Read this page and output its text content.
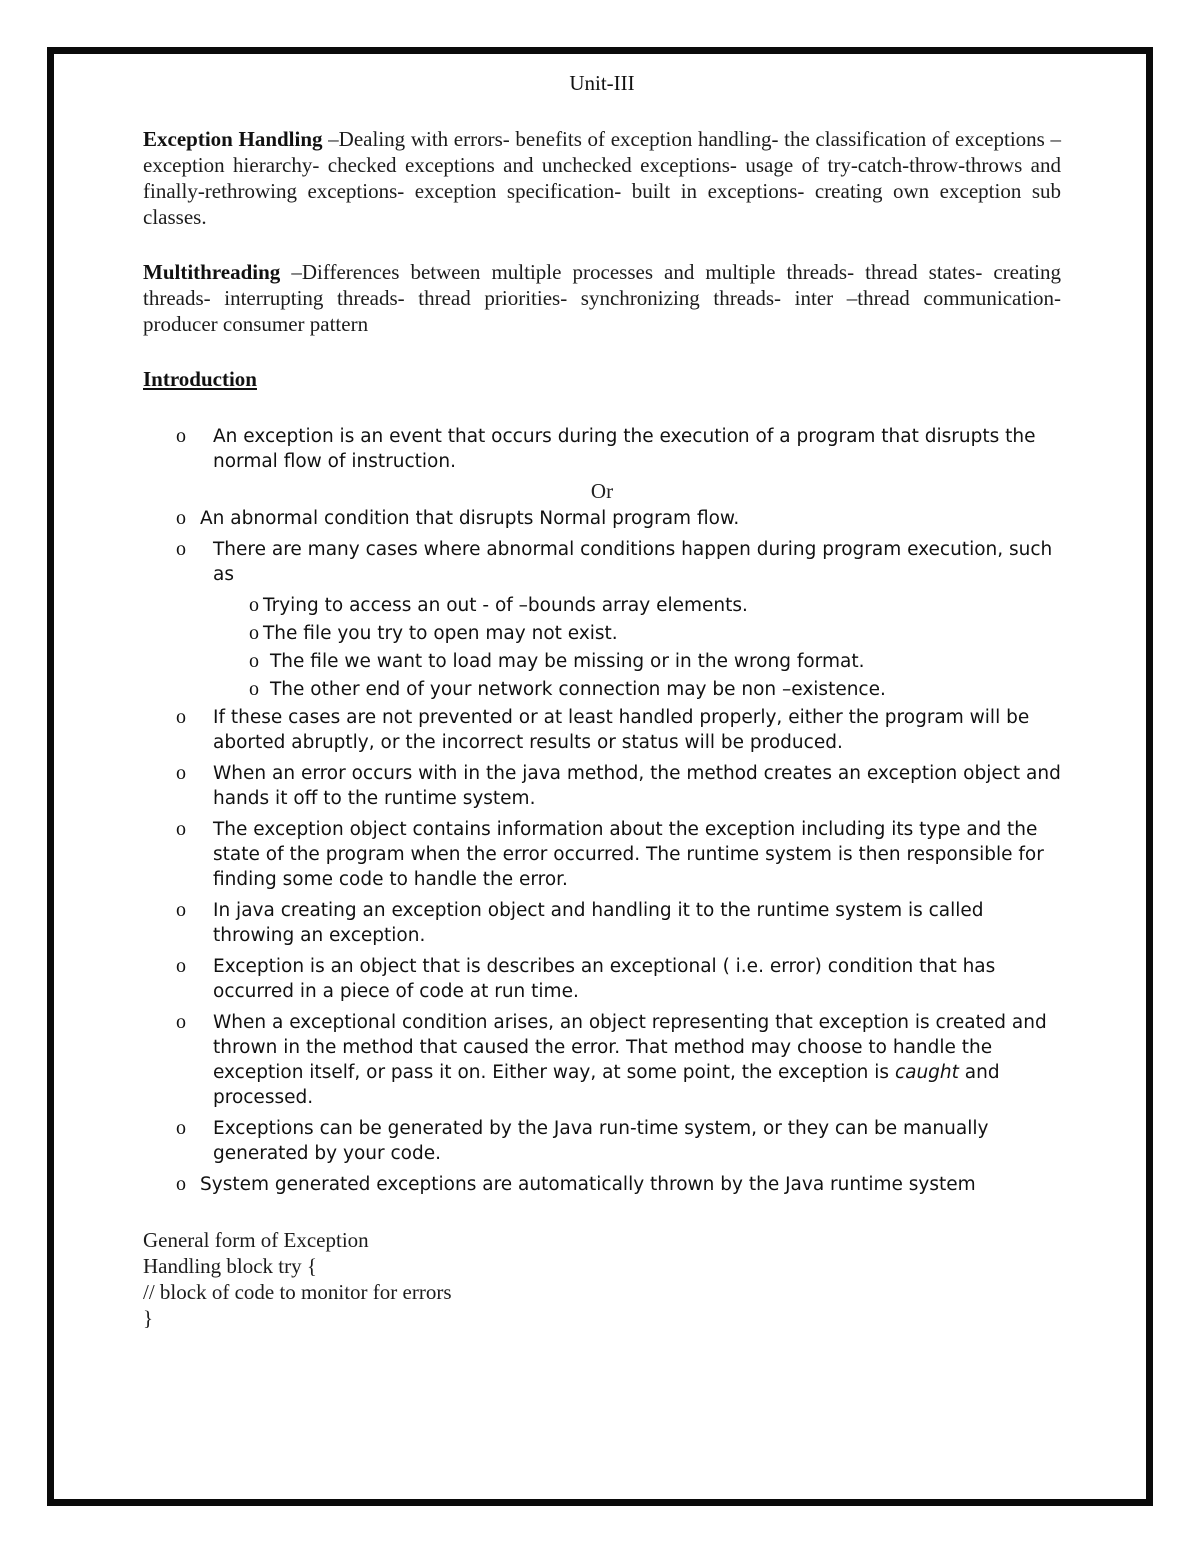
Unit-III

Exception Handling –Dealing with errors- benefits of exception handling- the classification of exceptions –exception hierarchy- checked exceptions and unchecked exceptions- usage of try-catch-throw-throws and finally-rethrowing exceptions- exception specification- built in exceptions- creating own exception sub classes.

Multithreading –Differences between multiple processes and multiple threads- thread states- creating threads- interrupting threads- thread priorities- synchronizing threads- inter –thread communication- producer consumer pattern

Introduction
o An exception is an event that occurs during the execution of a program that disrupts the normal flow of instruction.
Or
o An abnormal condition that disrupts Normal program flow.
o There are many cases where abnormal conditions happen during program execution, such as
o Trying to access an out - of –bounds array elements.
o The file you try to open may not exist.
o The file we want to load may be missing or in the wrong format.
o The other end of your network connection may be non –existence.
o If these cases are not prevented or at least handled properly, either the program will be aborted abruptly, or the incorrect results or status will be produced.
o When an error occurs with in the java method, the method creates an exception object and hands it off to the runtime system.
o The exception object contains information about the exception including its type and the state of the program when the error occurred. The runtime system is then responsible for finding some code to handle the error.
o In java creating an exception object and handling it to the runtime system is called throwing an exception.
o Exception is an object that is describes an exceptional ( i.e. error) condition that has occurred in a piece of code at run time.
o When a exceptional condition arises, an object representing that exception is created and thrown in the method that caused the error. That method may choose to handle the exception itself, or pass it on. Either way, at some point, the exception is caught and processed.
o Exceptions can be generated by the Java run-time system, or they can be manually generated by your code.
o System generated exceptions are automatically thrown by the Java runtime system
General form of Exception
Handling block try {
// block of code to monitor for errors
}
